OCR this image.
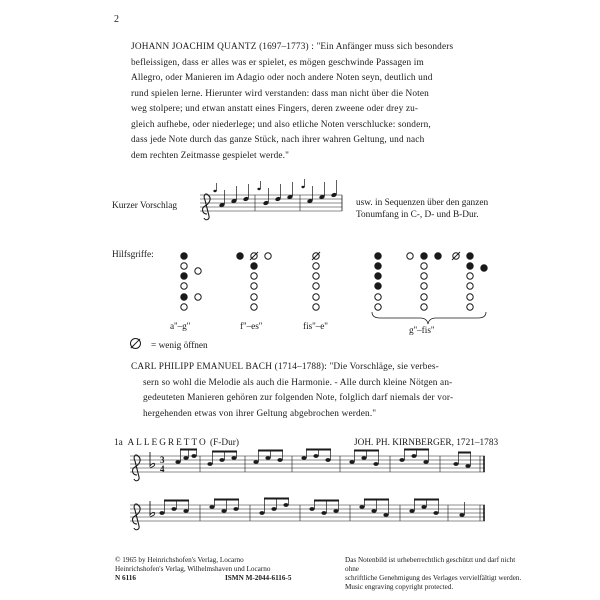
2
JOHANN JOACHIM QUANTZ (1697–1773) : "Ein Anfänger muss sich besonders
befleissigen, dass er alles was er spielet, es mögen geschwinde Passagen im
Allegro, oder Manieren im Adagio oder noch andere Noten seyn, deutlich und
rund spielen lerne. Hierunter wird verstanden: dass man nicht über die Noten
weg stolpere; und etwan anstatt eines Fingers, deren zweene oder drey zu-
gleich aufhebe, oder niederlege; und also etliche Noten verschlucke: sondern,
dass jede Note durch das ganze Stück, nach ihrer wahren Geltung, und nach
dem rechten Zeitmasse gespielet werde."
Kurzer Vorschlag	usw. in Sequenzen über den ganzen
Tonumfang in C-, D- und B-Dur.
Hilfsgriffe:
a''–g''	f''–es''	fis''–e''	g''–fis''
= wenig öffnen
CARL PHILIPP EMANUEL BACH (1714–1788): "Die Vorschläge, sie verbes-
sern so wohl die Melodie als auch die Harmonie. - Alle durch kleine Nötgen an-
gedeuteten Manieren gehören zur folgenden Note, folglich darf niemals der vor-
hergehenden etwas von ihrer Geltung abgebrochen werden."
1a ALLEGRETTO (F-Dur)	JOH. PH. KIRNBERGER, 1721–1783
3
4
© 1965 by Heinrichshofen's Verlag, Locarno
Heinrichshofen's Verlag, Wilhelmshaven und Locarno
N 6116	ISMN M-2044-6116-5
Das Notenbild ist urheberrechtlich geschützt und darf nicht ohne
schriftliche Genehmigung des Verlages vervielfältigt werden.
Music engraving copyright protected.
